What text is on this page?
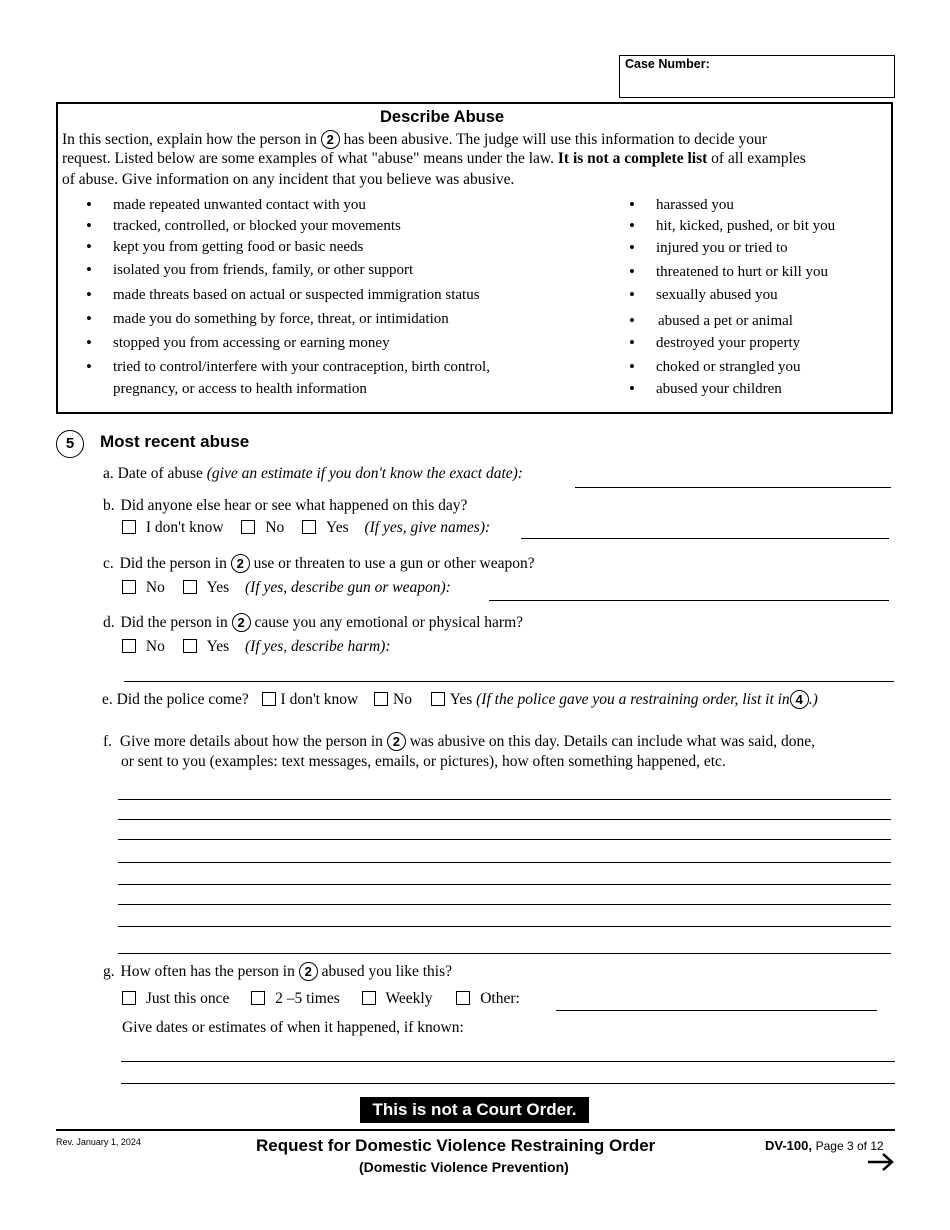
Case Number:
Describe Abuse
In this section, explain how the person in 2 has been abusive. The judge will use this information to decide your
request. Listed below are some examples of what "abuse" means under the law. It is not a complete list of all examples
of abuse. Give information on any incident that you believe was abusive.
• made repeated unwanted contact with you
• tracked, controlled, or blocked your movements
• kept you from getting food or basic needs
• isolated you from friends, family, or other support
• made threats based on actual or suspected immigration status
• made you do something by force, threat, or intimidation
• stopped you from accessing or earning money
• tried to control/interfere with your contraception, birth control,
pregnancy, or access to health information
• harassed you
• hit, kicked, pushed, or bit you
• injured you or tried to
• threatened to hurt or kill you
• sexually abused you
• abused a pet or animal
• destroyed your property
• choked or strangled you
• abused your children
5	Most recent abuse
a. Date of abuse (give an estimate if you don't know the exact date):
b. Did anyone else hear or see what happened on this day?
I don't know	No	Yes (If yes, give names):
c. Did the person in 2 use or threaten to use a gun or other weapon?
No	Yes (If yes, describe gun or weapon):
d. Did the person in 2 cause you any emotional or physical harm?
No	Yes (If yes, describe harm):
e. Did the police come? I don't know No Yes (If the police gave you a restraining order, list it in 4 .)
f. Give more details about how the person in 2 was abusive on this day. Details can include what was said, done,
or sent to you (examples: text messages, emails, or pictures), how often something happened, etc.
g. How often has the person in 2 abused you like this?
Just this once	2 –5 times	Weekly	Other:
Give dates or estimates of when it happened, if known:
This is not a Court Order.
Rev. January 1, 2024	Request for Domestic Violence Restraining Order
(Domestic Violence Prevention)
DV-100, Page 3 of 12
